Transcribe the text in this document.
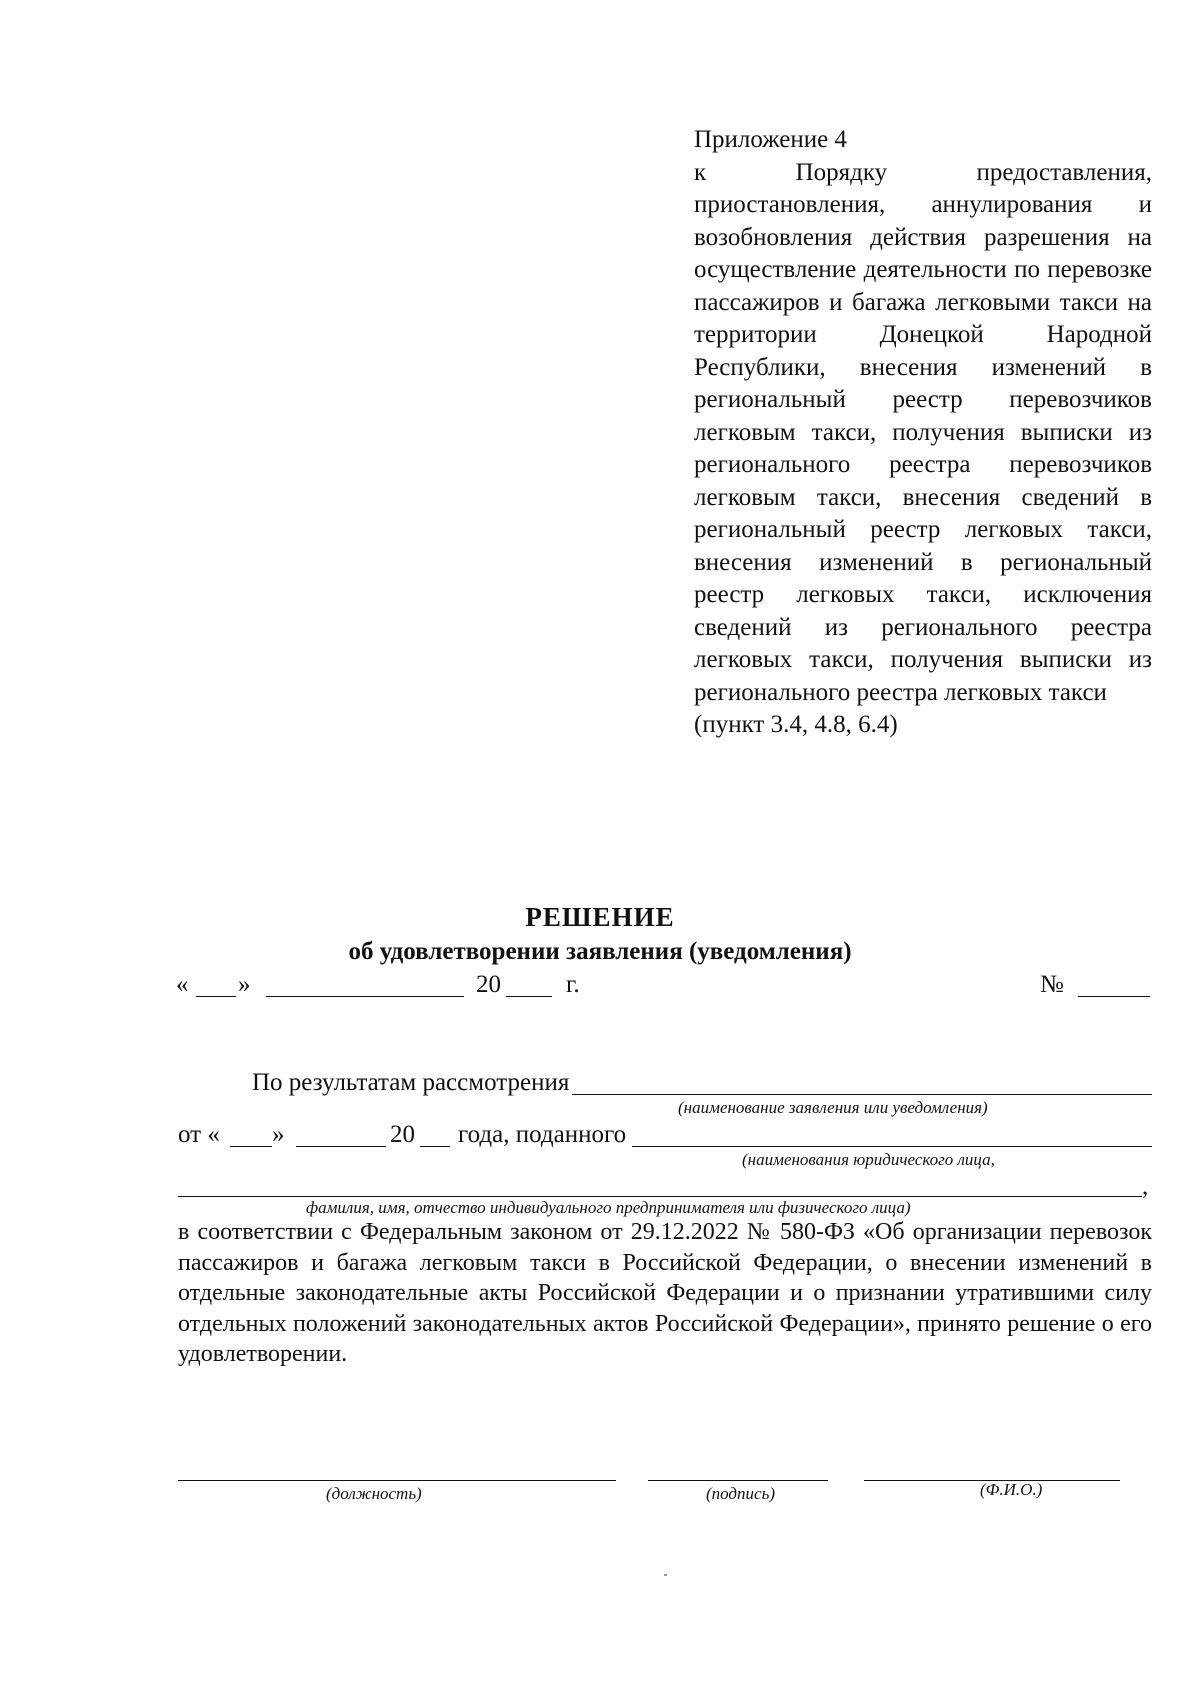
Приложение 4
к Порядку предоставления, приостановления, аннулирования и возобновления действия разрешения на осуществление деятельности по перевозке пассажиров и багажа легковыми такси на территории Донецкой Народной Республики, внесения изменений в региональный реестр перевозчиков легковым такси, получения выписки из регионального реестра перевозчиков легковым такси, внесения сведений в региональный реестр легковых такси, внесения изменений в региональный реестр легковых такси, исключения сведений из регионального реестра легковых такси, получения выписки из регионального реестра легковых такси
(пункт 3.4, 4.8, 6.4)
РЕШЕНИЕ
об удовлетворении заявления (уведомления)
« »	20	г.	№
По результатам рассмотрения
(наименование заявления или уведомления)
от « »	20 года, поданного
(наименования юридического лица,
,
фамилия, имя, отчество индивидуального предпринимателя или физического лица)
в соответствии с Федеральным законом от 29.12.2022 № 580-ФЗ «Об организации перевозок пассажиров и багажа легковым такси в Российской Федерации, о внесении изменений в отдельные законодательные акты Российской Федерации и о признании утратившими силу отдельных положений законодательных актов Российской Федерации», принято решение о его удовлетворении.
(должность)	(подпись)	(Ф.И.О.)
